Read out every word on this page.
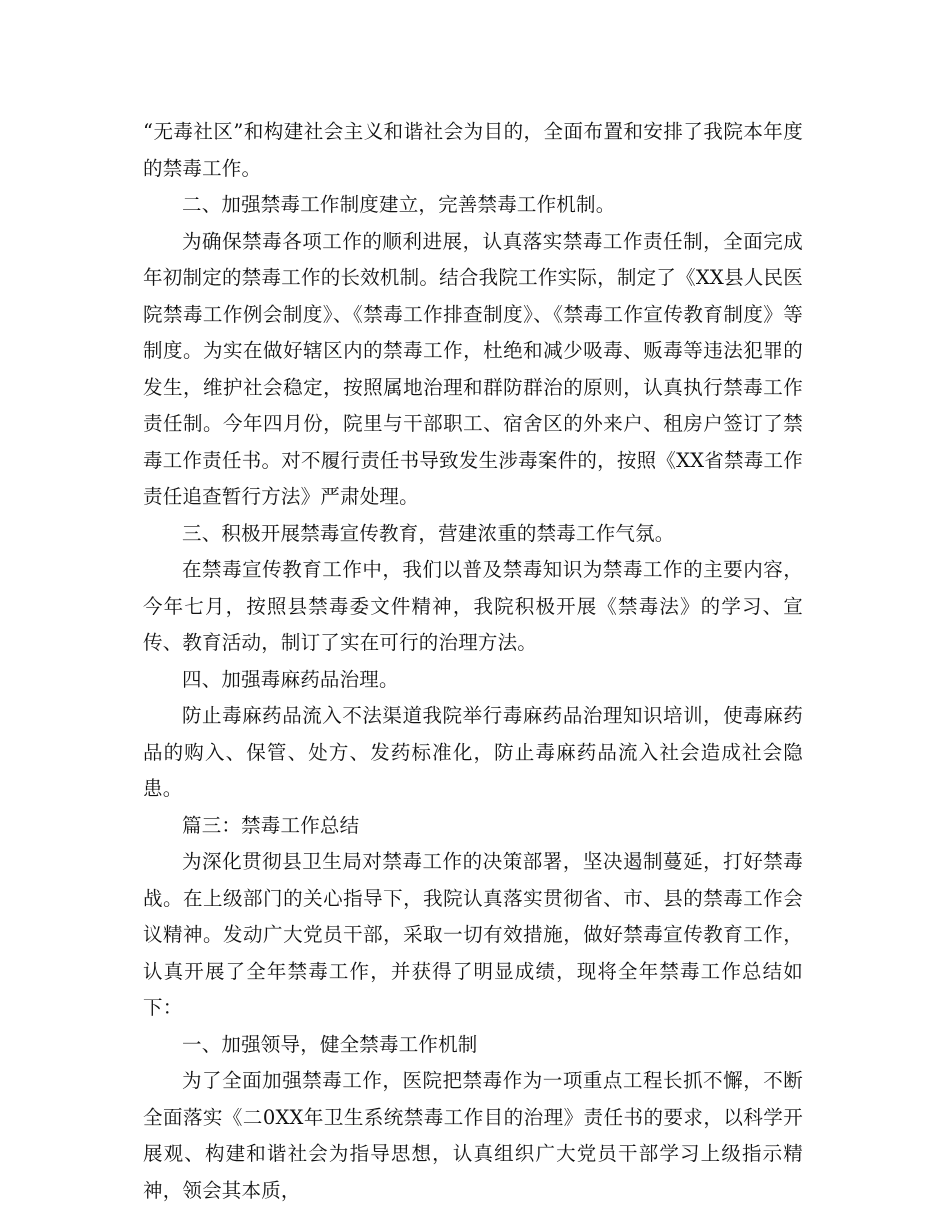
“无毒社区”和构建社会主义和谐社会为目的，全面布置和安排了我院本年度的禁毒工作。

二、加强禁毒工作制度建立，完善禁毒工作机制。

为确保禁毒各项工作的顺利进展，认真落实禁毒工作责任制，全面完成年初制定的禁毒工作的长效机制。结合我院工作实际，制定了《XX县人民医院禁毒工作例会制度》、《禁毒工作排查制度》、《禁毒工作宣传教育制度》等制度。为实在做好辖区内的禁毒工作，杜绝和减少吸毒、贩毒等违法犯罪的发生，维护社会稳定，按照属地治理和群防群治的原则，认真执行禁毒工作责任制。今年四月份，院里与干部职工、宿舍区的外来户、租房户签订了禁毒工作责任书。对不履行责任书导致发生涉毒案件的，按照《XX省禁毒工作责任追查暂行方法》严肃处理。

三、积极开展禁毒宣传教育，营建浓重的禁毒工作气氛。

在禁毒宣传教育工作中，我们以普及禁毒知识为禁毒工作的主要内容，今年七月，按照县禁毒委文件精神，我院积极开展《禁毒法》的学习、宣传、教育活动，制订了实在可行的治理方法。

四、加强毒麻药品治理。

防止毒麻药品流入不法渠道我院举行毒麻药品治理知识培训，使毒麻药品的购入、保管、处方、发药标准化，防止毒麻药品流入社会造成社会隐患。

篇三：禁毒工作总结

为深化贯彻县卫生局对禁毒工作的决策部署，坚决遏制蔓延，打好禁毒战。在上级部门的关心指导下，我院认真落实贯彻省、市、县的禁毒工作会议精神。发动广大党员干部，采取一切有效措施，做好禁毒宣传教育工作，认真开展了全年禁毒工作，并获得了明显成绩，现将全年禁毒工作总结如下：

一、加强领导，健全禁毒工作机制

为了全面加强禁毒工作，医院把禁毒作为一项重点工程长抓不懈，不断全面落实《二0XX年卫生系统禁毒工作目的治理》责任书的要求，以科学开展观、构建和谐社会为指导思想，认真组织广大党员干部学习上级指示精神，领会其本质，
